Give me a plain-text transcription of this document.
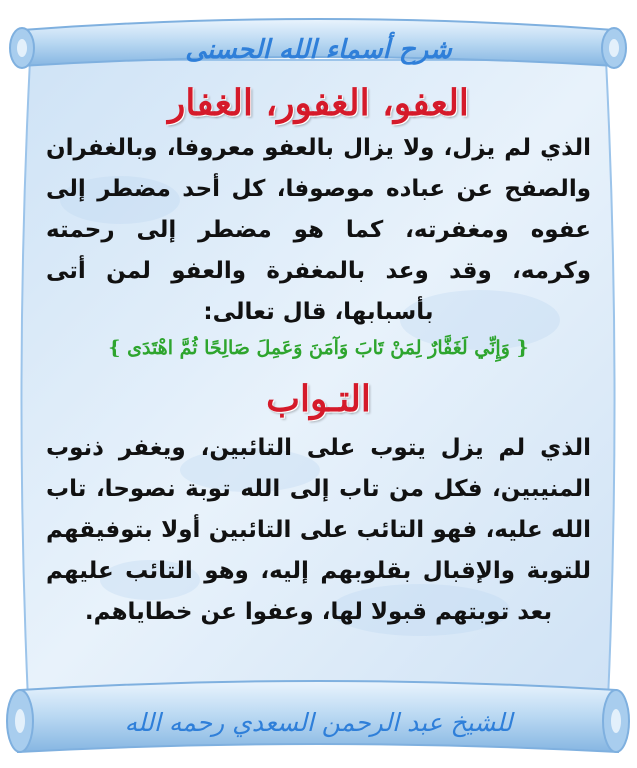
شرح أسماء الله الحسنى
العفو، الغفور، الغفار

الذي لم يزل، ولا يزال بالعفو معروفا، وبالغفران والصفح عن عباده موصوفا، كل أحد مضطر إلى عفوه ومغفرته، كما هو مضطر إلى رحمته وكرمه، وقد وعد بالمغفرة والعفو لمن أتى بأسبابها، قال تعالى:

{ وَإِنِّي لَغَفَّارٌ لِمَنْ تَابَ وَآمَنَ وَعَمِلَ صَالِحًا ثُمَّ اهْتَدَى }

التـواب

الذي لم يزل يتوب على التائبين، ويغفر ذنوب المنيبين، فكل من تاب إلى الله توبة نصوحا، تاب الله عليه، فهو التائب على التائبين أولا بتوفيقهم للتوبة والإقبال بقلوبهم إليه، وهو التائب عليهم بعد توبتهم قبولا لها، وعفوا عن خطاياهم.

للشيخ عبد الرحمن السعدي رحمه الله
